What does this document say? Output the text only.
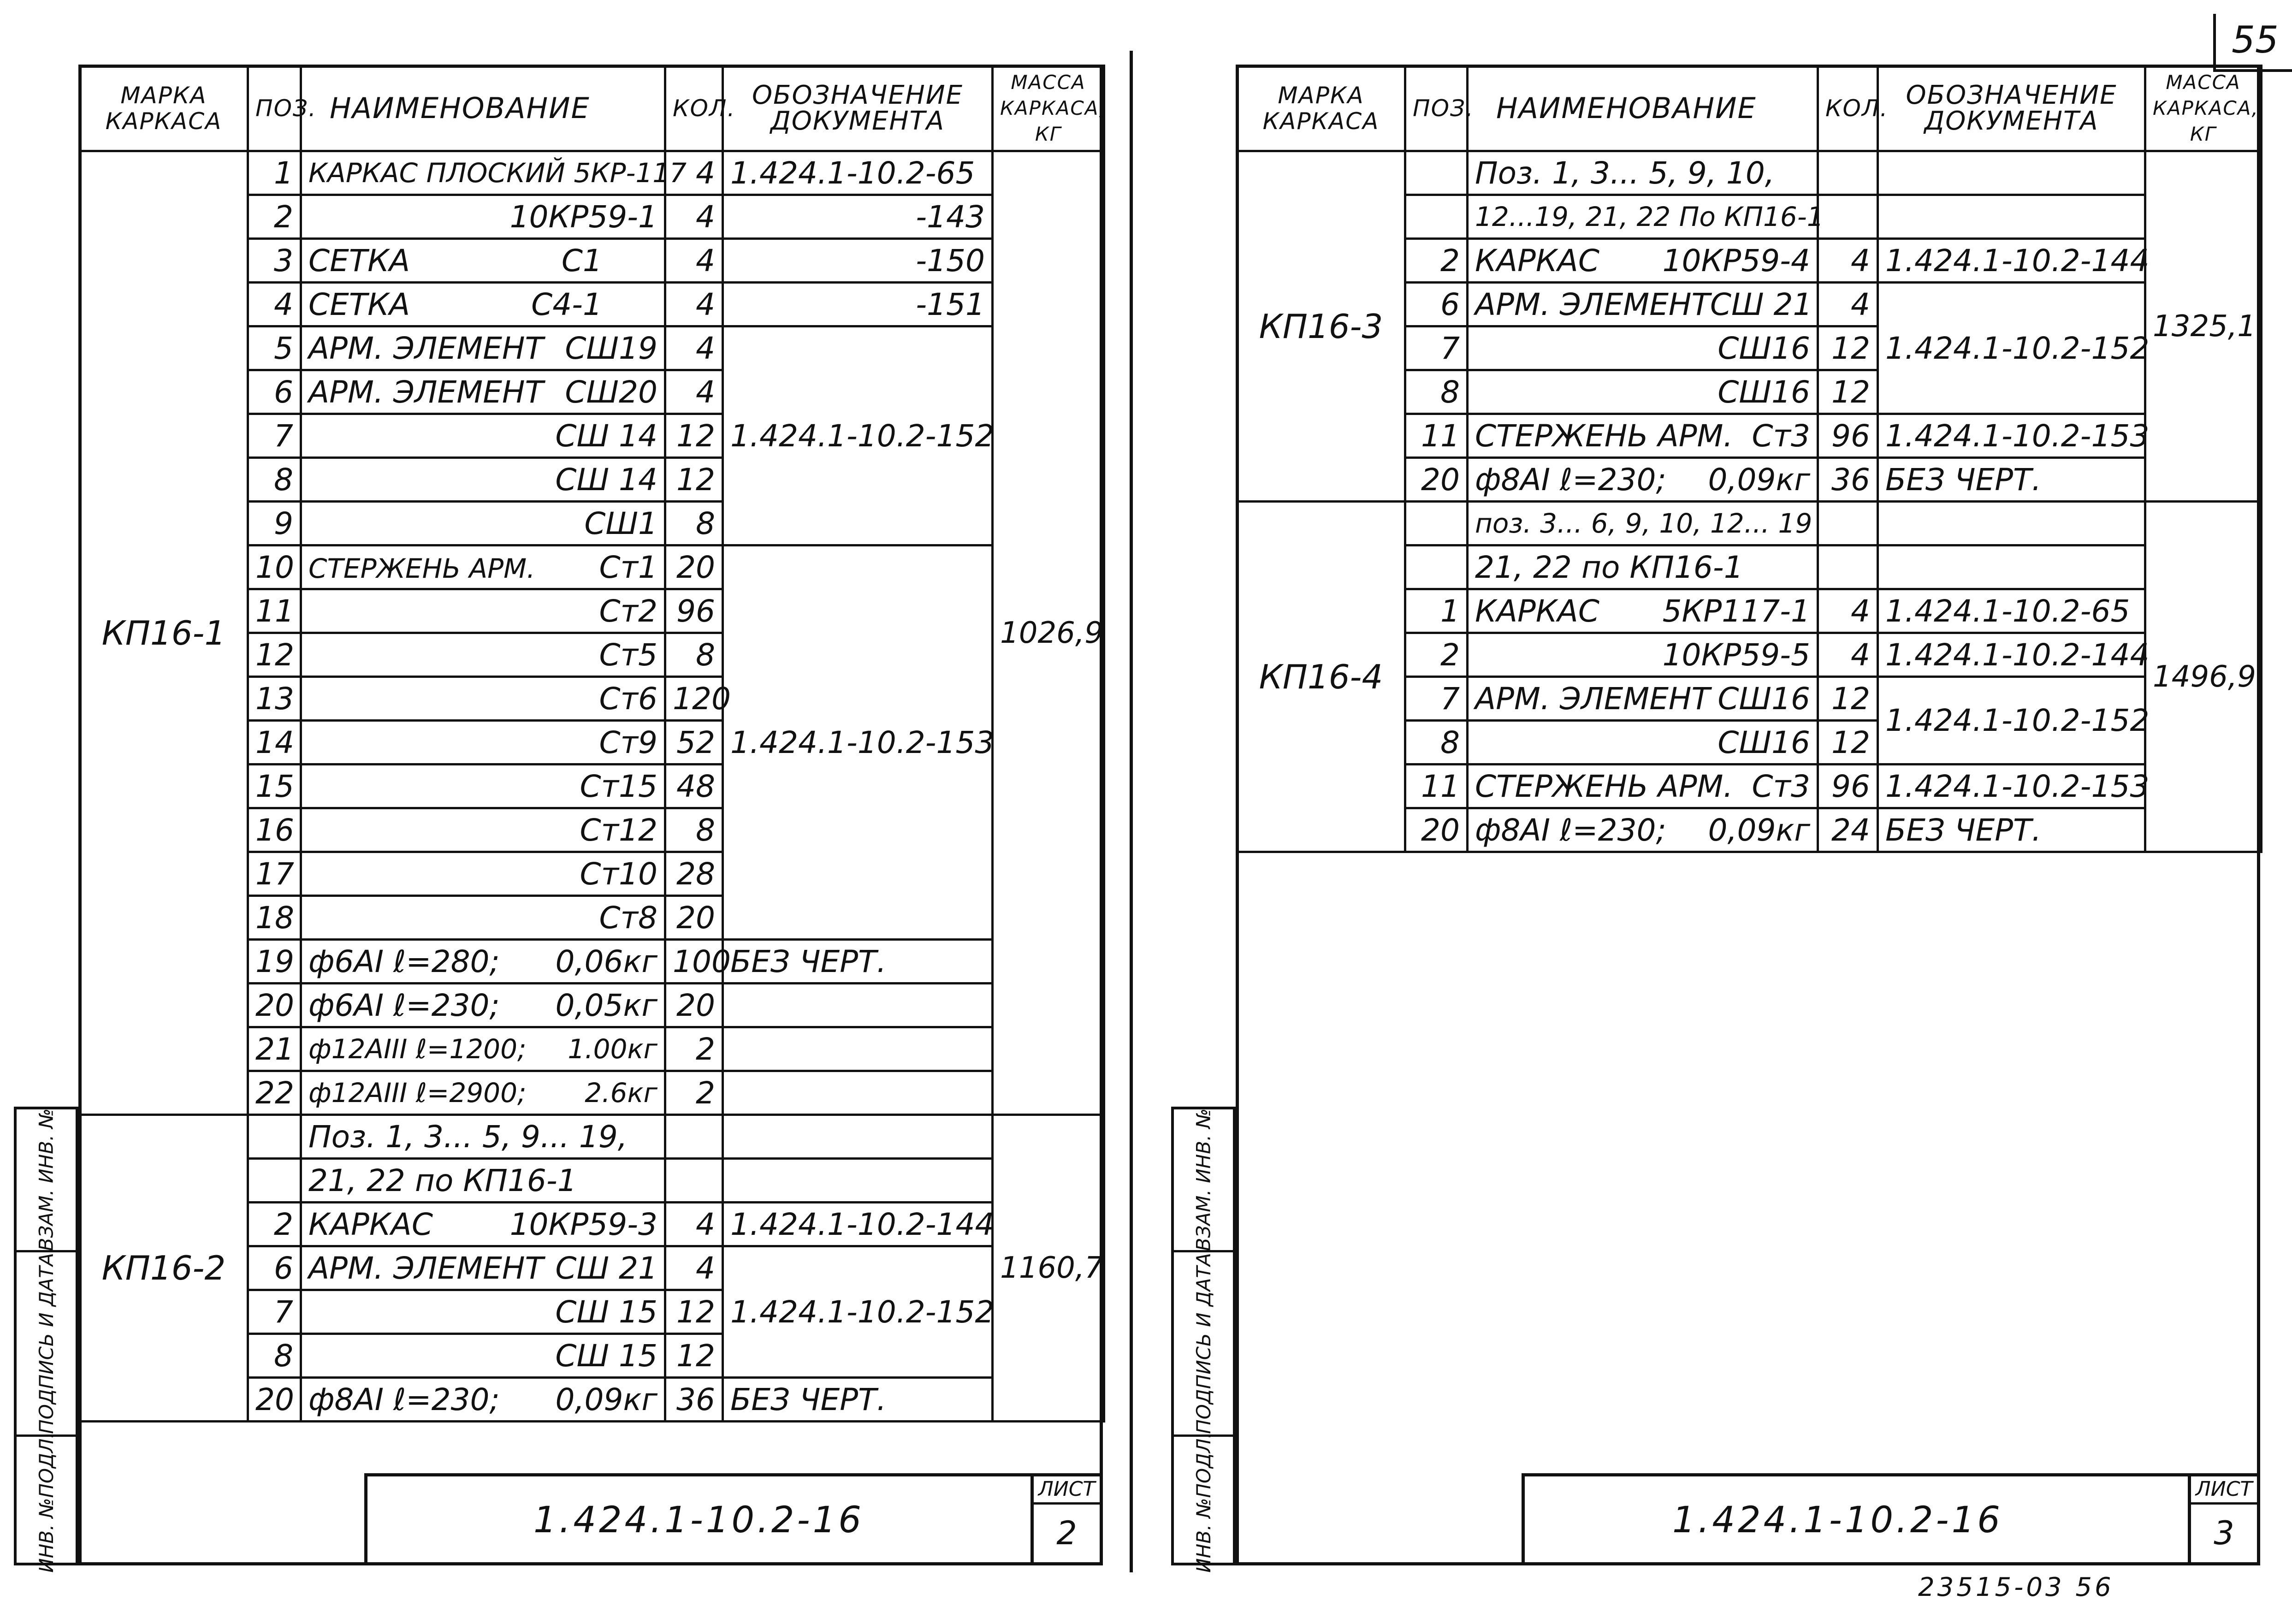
55
ВЗАМ. ИНВ. №
ПОДПИСЬ И ДАТА
ИНВ. №ПОДЛ.
МАРКА КАРКАСА	ПОЗ.	НАИМЕНОВАНИЕ	КОЛ.	ОБОЗНАЧЕНИЕ ДОКУМЕНТА	МАССА КАРКАСА, КГ
КП16-1	1	КАРКАС ПЛОСКИЙ 5КР-117	4	1.424.1-10.2-65	1026,9
	2	10КР59-1	4	-143	
	3	СЕТКА С1	4	-150	
	4	СЕТКА С4-1	4	-151	
	5	АРМ. ЭЛЕМЕНТ СШ19	4	1.424.1-10.2-152	
	6	АРМ. ЭЛЕМЕНТ СШ20	4		
	7	СШ 14	12		
	8	СШ 14	12		
	9	СШ1	8		
	10	СТЕРЖЕНЬ АРМ. Ст1	20	1.424.1-10.2-153	
	11	Ст2	96		
	12	Ст5	8		
	13	Ст6	120		
	14	Ст9	52		
	15	Ст15	48		
	16	Ст12	8		
	17	Ст10	28		
	18	Ст8	20		
	19	ф6АI ℓ=280; 0,06кг	100	БЕЗ ЧЕРТ.	
	20	ф6АI ℓ=230; 0,05кг	20		
	21	ф12АIII ℓ=1200; 1.00кг	2		
	22	ф12АIII ℓ=2900; 2.6кг	2		
КП16-2		Поз. 1, 3... 5, 9... 19,			1160,7
		21, 22 по КП16-1			
	2	КАРКАС 10КР59-3	4	1.424.1-10.2-144	
	6	АРМ. ЭЛЕМЕНТ СШ 21	4	1.424.1-10.2-152	
	7	СШ 15	12		
	8	СШ 15	12		
	20	ф8АI ℓ=230; 0,09кг	36	БЕЗ ЧЕРТ.	
1.424.1-10.2-16
ЛИСТ
2
ВЗАМ. ИНВ. №
ПОДПИСЬ И ДАТА
ИНВ. №ПОДЛ.
МАРКА КАРКАСА	ПОЗ.	НАИМЕНОВАНИЕ	КОЛ.	ОБОЗНАЧЕНИЕ ДОКУМЕНТА	МАССА КАРКАСА, КГ
КП16-3		Поз. 1, 3... 5, 9, 10,			1325,1
		12...19, 21, 22 По КП16-1			
	2	КАРКАС 10КР59-4	4	1.424.1-10.2-144	
	6	АРМ. ЭЛЕМЕНТ СШ 21	4	1.424.1-10.2-152	
	7	СШ16	12		
	8	СШ16	12		
	11	СТЕРЖЕНЬ АРМ. Ст3	96	1.424.1-10.2-153	
	20	ф8АI ℓ=230; 0,09кг	36	БЕЗ ЧЕРТ.	
КП16-4		поз. 3... 6, 9, 10, 12... 19			1496,9
		21, 22 по КП16-1			
	1	КАРКАС 5КР117-1	4	1.424.1-10.2-65	
	2	10КР59-5	4	1.424.1-10.2-144	
	7	АРМ. ЭЛЕМЕНТ СШ16	12	1.424.1-10.2-152	
	8	СШ16	12		
	11	СТЕРЖЕНЬ АРМ. Ст3	96	1.424.1-10.2-153	
	20	ф8АI ℓ=230; 0,09кг	24	БЕЗ ЧЕРТ.	
1.424.1-10.2-16
ЛИСТ
3
23515-03 56
